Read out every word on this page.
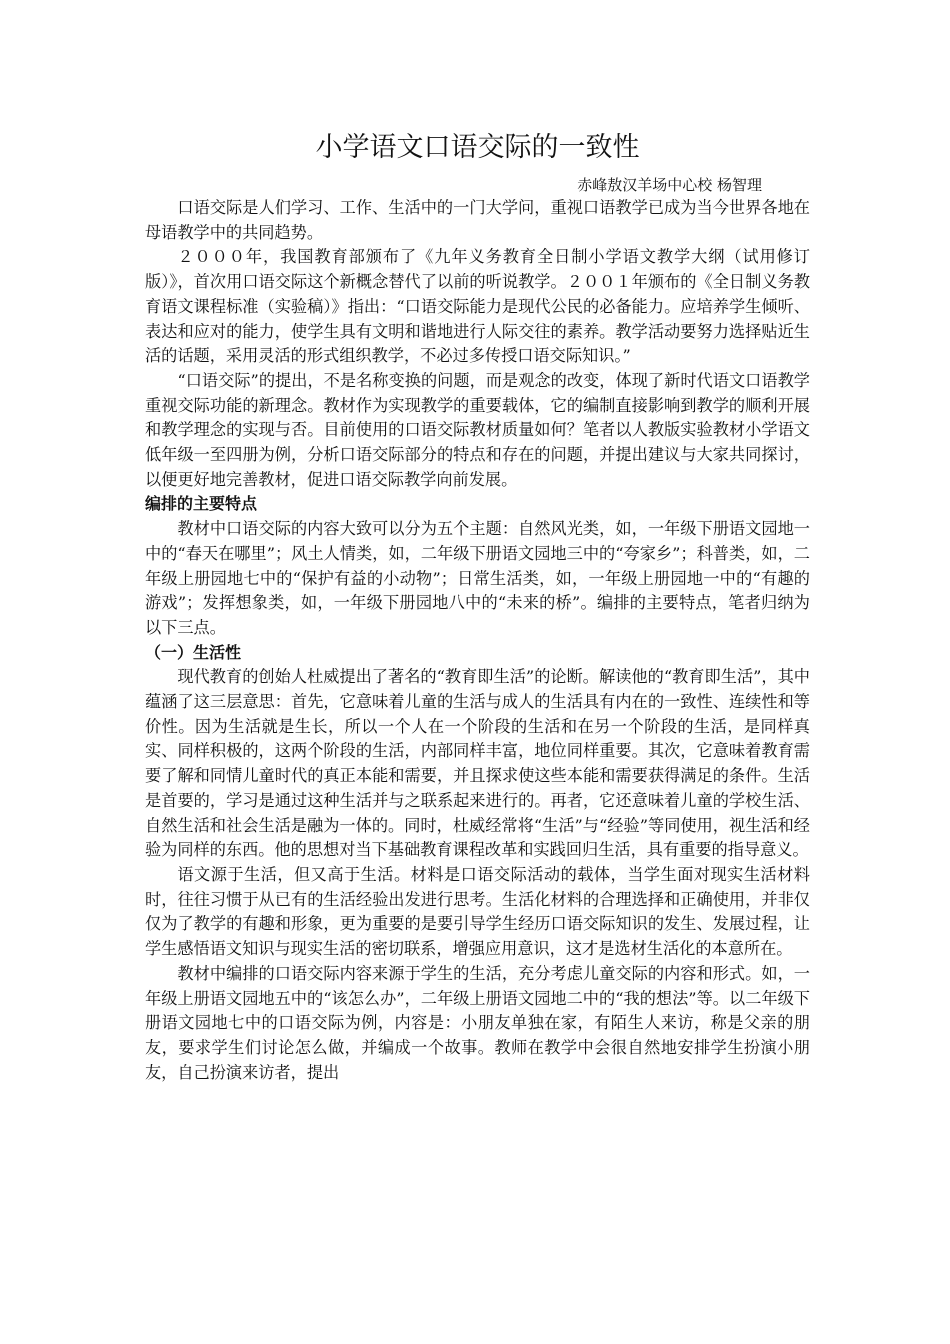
小学语文口语交际的一致性

赤峰敖汉羊场中心校 杨智理

口语交际是人们学习、工作、生活中的一门大学问，重视口语教学已成为当今世界各地在母语教学中的共同趋势。

２０００年，我国教育部颁布了《九年义务教育全日制小学语文教学大纲（试用修订版）》，首次用口语交际这个新概念替代了以前的听说教学。２００１年颁布的《全日制义务教育语文课程标准（实验稿）》指出：“口语交际能力是现代公民的必备能力。应培养学生倾听、表达和应对的能力，使学生具有文明和谐地进行人际交往的素养。教学活动要努力选择贴近生活的话题，采用灵活的形式组织教学，不必过多传授口语交际知识。”

“口语交际”的提出，不是名称变换的问题，而是观念的改变，体现了新时代语文口语教学重视交际功能的新理念。教材作为实现教学的重要载体，它的编制直接影响到教学的顺利开展和教学理念的实现与否。目前使用的口语交际教材质量如何？笔者以人教版实验教材小学语文低年级一至四册为例，分析口语交际部分的特点和存在的问题，并提出建议与大家共同探讨，以便更好地完善教材，促进口语交际教学向前发展。

编排的主要特点

教材中口语交际的内容大致可以分为五个主题：自然风光类，如，一年级下册语文园地一中的“春天在哪里”；风土人情类，如，二年级下册语文园地三中的“夸家乡”；科普类，如，二年级上册园地七中的“保护有益的小动物”；日常生活类，如，一年级上册园地一中的“有趣的游戏”；发挥想象类，如，一年级下册园地八中的“未来的桥”。编排的主要特点，笔者归纳为以下三点。

（一）生活性

现代教育的创始人杜威提出了著名的“教育即生活”的论断。解读他的“教育即生活”，其中蕴涵了这三层意思：首先，它意味着儿童的生活与成人的生活具有内在的一致性、连续性和等价性。因为生活就是生长，所以一个人在一个阶段的生活和在另一个阶段的生活，是同样真实、同样积极的，这两个阶段的生活，内部同样丰富，地位同样重要。其次，它意味着教育需要了解和同情儿童时代的真正本能和需要，并且探求使这些本能和需要获得满足的条件。生活是首要的，学习是通过这种生活并与之联系起来进行的。再者，它还意味着儿童的学校生活、自然生活和社会生活是融为一体的。同时，杜威经常将“生活”与“经验”等同使用，视生活和经验为同样的东西。他的思想对当下基础教育课程改革和实践回归生活，具有重要的指导意义。

语文源于生活，但又高于生活。材料是口语交际活动的载体，当学生面对现实生活材料时，往往习惯于从已有的生活经验出发进行思考。生活化材料的合理选择和正确使用，并非仅仅为了教学的有趣和形象，更为重要的是要引导学生经历口语交际知识的发生、发展过程，让学生感悟语文知识与现实生活的密切联系，增强应用意识，这才是选材生活化的本意所在。

教材中编排的口语交际内容来源于学生的生活，充分考虑儿童交际的内容和形式。如，一年级上册语文园地五中的“该怎么办”，二年级上册语文园地二中的“我的想法”等。以二年级下册语文园地七中的口语交际为例，内容是：小朋友单独在家，有陌生人来访，称是父亲的朋友，要求学生们讨论怎么做，并编成一个故事。教师在教学中会很自然地安排学生扮演小朋友，自己扮演来访者，提出
